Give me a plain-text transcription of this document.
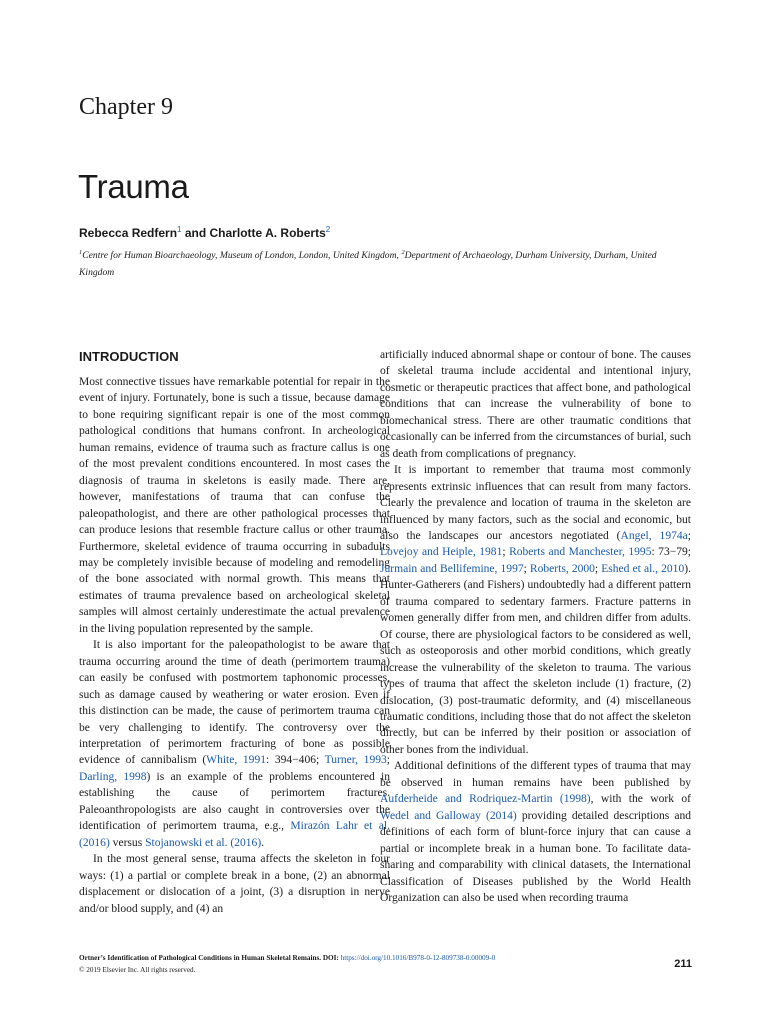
Chapter 9
Trauma
Rebecca Redfern$^1$ and Charlotte A. Roberts$^2$
$^1$Centre for Human Bioarchaeology, Museum of London, London, United Kingdom, $^2$Department of Archaeology, Durham University, Durham, United Kingdom
INTRODUCTION

Most connective tissues have remarkable potential for repair in the event of injury. Fortunately, bone is such a tissue, because damage to bone requiring significant repair is one of the most common pathological conditions that humans confront. In archeological human remains, evidence of trauma such as fracture callus is one of the most prevalent conditions encountered. In most cases the diagnosis of trauma in skeletons is easily made. There are, however, manifestations of trauma that can confuse the paleopathologist, and there are other pathological processes that can produce lesions that resemble fracture callus or other trauma. Furthermore, skeletal evidence of trauma occurring in subadults may be completely invisible because of modeling and remodeling of the bone associated with normal growth. This means that estimates of trauma prevalence based on archeological skeletal samples will almost certainly underestimate the actual prevalence in the living population represented by the sample.

It is also important for the paleopathologist to be aware that trauma occurring around the time of death (perimortem trauma) can easily be confused with postmortem taphonomic processes, such as damage caused by weathering or water erosion. Even if this distinction can be made, the cause of perimortem trauma can be very challenging to identify. The controversy over the interpretation of perimortem fracturing of bone as possible evidence of cannibalism (White, 1991: 394−406; Turner, 1993; Darling, 1998) is an example of the problems encountered in establishing the cause of perimortem fractures. Paleoanthropologists are also caught in controversies over the identification of perimortem trauma, e.g., Mirazón Lahr et al. (2016) versus Stojanowski et al. (2016).

In the most general sense, trauma affects the skeleton in four ways: (1) a partial or complete break in a bone, (2) an abnormal displacement or dislocation of a joint, (3) a disruption in nerve and/or blood supply, and (4) an

artificially induced abnormal shape or contour of bone. The causes of skeletal trauma include accidental and intentional injury, cosmetic or therapeutic practices that affect bone, and pathological conditions that can increase the vulnerability of bone to biomechanical stress. There are other traumatic conditions that occasionally can be inferred from the circumstances of burial, such as death from complications of pregnancy.

It is important to remember that trauma most commonly represents extrinsic influences that can result from many factors. Clearly the prevalence and location of trauma in the skeleton are influenced by many factors, such as the social and economic, but also the landscapes our ancestors negotiated (Angel, 1974a; Lovejoy and Heiple, 1981; Roberts and Manchester, 1995: 73−79; Jurmain and Bellifemine, 1997; Roberts, 2000; Eshed et al., 2010). Hunter-Gatherers (and Fishers) undoubtedly had a different pattern of trauma compared to sedentary farmers. Fracture patterns in women generally differ from men, and children differ from adults. Of course, there are physiological factors to be considered as well, such as osteoporosis and other morbid conditions, which greatly increase the vulnerability of the skeleton to trauma. The various types of trauma that affect the skeleton include (1) fracture, (2) dislocation, (3) post-traumatic deformity, and (4) miscellaneous traumatic conditions, including those that do not affect the skeleton directly, but can be inferred by their position or association of other bones from the individual.

Additional definitions of the different types of trauma that may be observed in human remains have been published by Aufderheide and Rodriquez-Martin (1998), with the work of Wedel and Galloway (2014) providing detailed descriptions and definitions of each form of blunt-force injury that can cause a partial or incomplete break in a human bone. To facilitate data-sharing and comparability with clinical datasets, the International Classification of Diseases published by the World Health Organization can also be used when recording trauma

Ortner’s Identification of Pathological Conditions in Human Skeletal Remains. DOI: https://doi.org/10.1016/B978-0-12-809738-0.00009-0
© 2019 Elsevier Inc. All rights reserved.	211
